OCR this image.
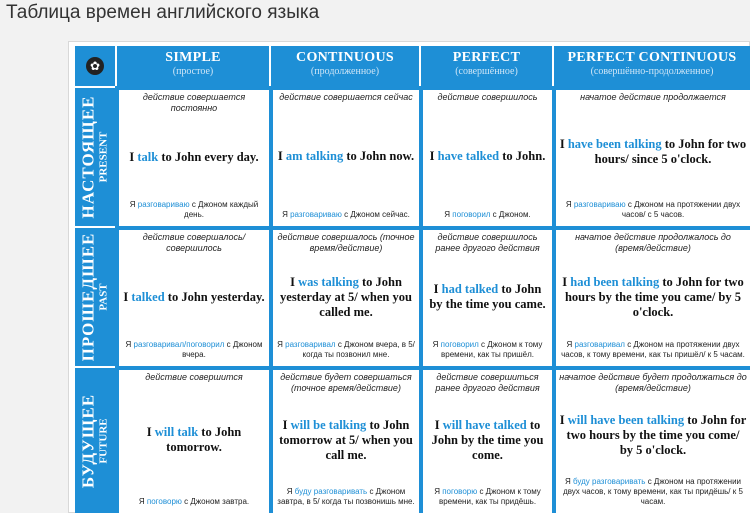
Таблица времен английского языка
✿
SIMPLE
(простое)
CONTINUOUS
(продолженное)
PERFECT
(совершённое)
PERFECT CONTINUOUS
(совершённо-продолженное)
НАСТОЯЩЕЕ PRESENT
действие совершается постоянно
I talk to John every day.
Я разговариваю с Джоном каждый день.
действие совершается сейчас
I am talking to John now.
Я разговариваю с Джоном сейчас.
действие совершилось
I have talked to John.
Я поговорил с Джоном.
начатое действие продолжается
I have been talking to John for two hours/ since 5 o'clock.
Я разговариваю с Джоном на протяжении двух часов/ с 5 часов.
ПРОШЕДШЕЕ PAST
действие совершалось/совершилось
I talked to John yesterday.
Я разговаривал/поговорил с Джоном вчера.
действие совершалось (точное время/действие)
I was talking to John yesterday at 5/ when you called me.
Я разговаривал с Джоном вчера, в 5/ когда ты позвонил мне.
действие совершилось ранее другого действия
I had talked to John by the time you came.
Я поговорил с Джоном к тому времени, как ты пришёл.
начатое действие продолжалось до (время/действие)
I had been talking to John for two hours by the time you came/ by 5 o'clock.
Я разговаривал с Джоном на протяжении двух часов, к тому времени, как ты пришёл/ к 5 часам.
БУДУЩЕЕ FUTURE
действие совершится
I will talk to John tomorrow.
Я поговорю с Джоном завтра.
действие будет совершаться (точное время/действие)
I will be talking to John tomorrow at 5/ when you call me.
Я буду разговаривать с Джоном завтра, в 5/ когда ты позвонишь мне.
действие совершиться ранее другого действия
I will have talked to John by the time you come.
Я поговорю с Джоном к тому времени, как ты придёшь.
начатое действие будет продолжаться до (время/действие)
I will have been talking to John for two hours by the time you come/ by 5 o'clock.
Я буду разговаривать с Джоном на протяжении двух часов, к тому времени, как ты придёшь/ к 5 часам.
